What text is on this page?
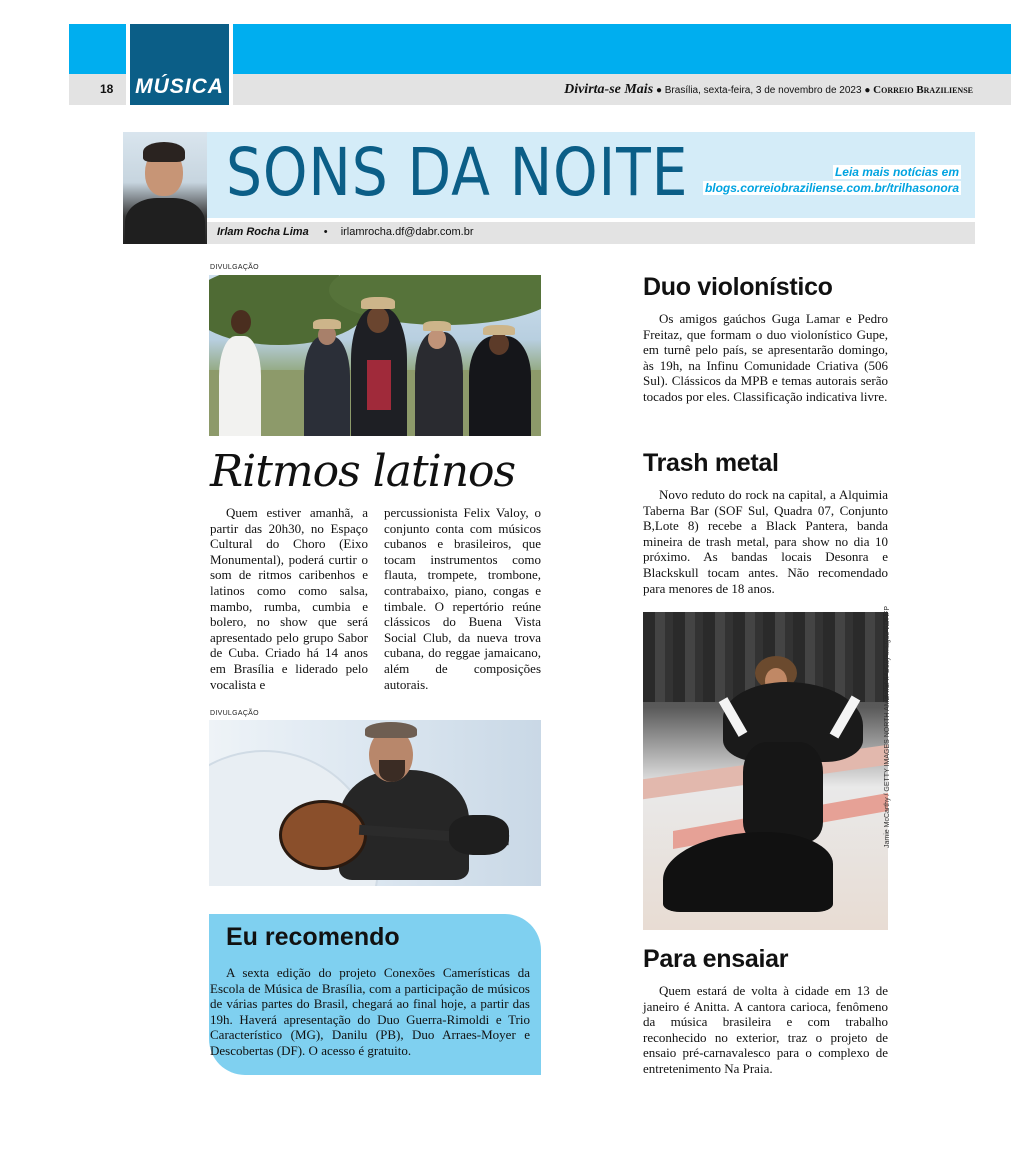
18 MÚSICA	Divirta-se Mais ● Brasília, sexta-feira, 3 de novembro de 2023 ● Correio Braziliense
SONS DA NOITE	Leia mais notícias em
blogs.correiobraziliense.com.br/trilhasonora
Irlam Rocha Lima • irlamrocha.df@dabr.com.br
DIVULGAÇÃO
Ritmos latinos

Quem estiver amanhã, a partir das 20h30, no Espaço Cultural do Choro (Eixo Monumental), poderá curtir o som de ritmos caribenhos e latinos como como salsa, mambo, rumba, cumbia e bolero, no show que será apresentado pelo grupo Sabor de Cuba. Criado há 14 anos em Brasília e liderado pelo vocalista e

percussionista Felix Valoy, o conjunto conta com músicos cubanos e brasileiros, que tocam instrumentos como flauta, trompete, trombone, contrabaixo, piano, congas e timbale. O repertório reúne clássicos do Buena Vista Social Club, da nueva trova cubana, do reggae jamaicano, além de composições autorais.

DIVULGAÇÃO
Eu recomendo

A sexta edição do projeto Conexões Camerísticas da Escola de Música de Brasília, com a participação de músicos de várias partes do Brasil, chegará ao final hoje, a partir das 19h. Haverá apresentação do Duo Guerra-Rimoldi e Trio Característico (MG), Danilu (PB), Duo Arraes-Moyer e Descobertas (DF). O acesso é gratuito.

Duo violonístico

Os amigos gaúchos Guga Lamar e Pedro Freitaz, que formam o duo violonístico Gupe, em turnê pelo país, se apresentarão domingo, às 19h, na Infinu Comunidade Criativa (506 Sul). Clássicos da MPB e temas autorais serão tocados por eles. Classificação indicativa livre.

Trash metal

Novo reduto do rock na capital, a Alquimia Taberna Bar (SOF Sul, Quadra 07, Conjunto B,Lote 8) recebe a Black Pantera, banda mineira de trash metal, para show no dia 10 próximo. As bandas locais Desonra e Blackskull tocam antes. Não recomendado para menores de 18 anos.

Jamie McCarthy / GETTY IMAGES NORTH AMERICA / Getty Images via AFP
Para ensaiar

Quem estará de volta à cidade em 13 de janeiro é Anitta. A cantora carioca, fenômeno da música brasileira e com trabalho reconhecido no exterior, traz o projeto de ensaio pré-carnavalesco para o complexo de entretenimento Na Praia.
